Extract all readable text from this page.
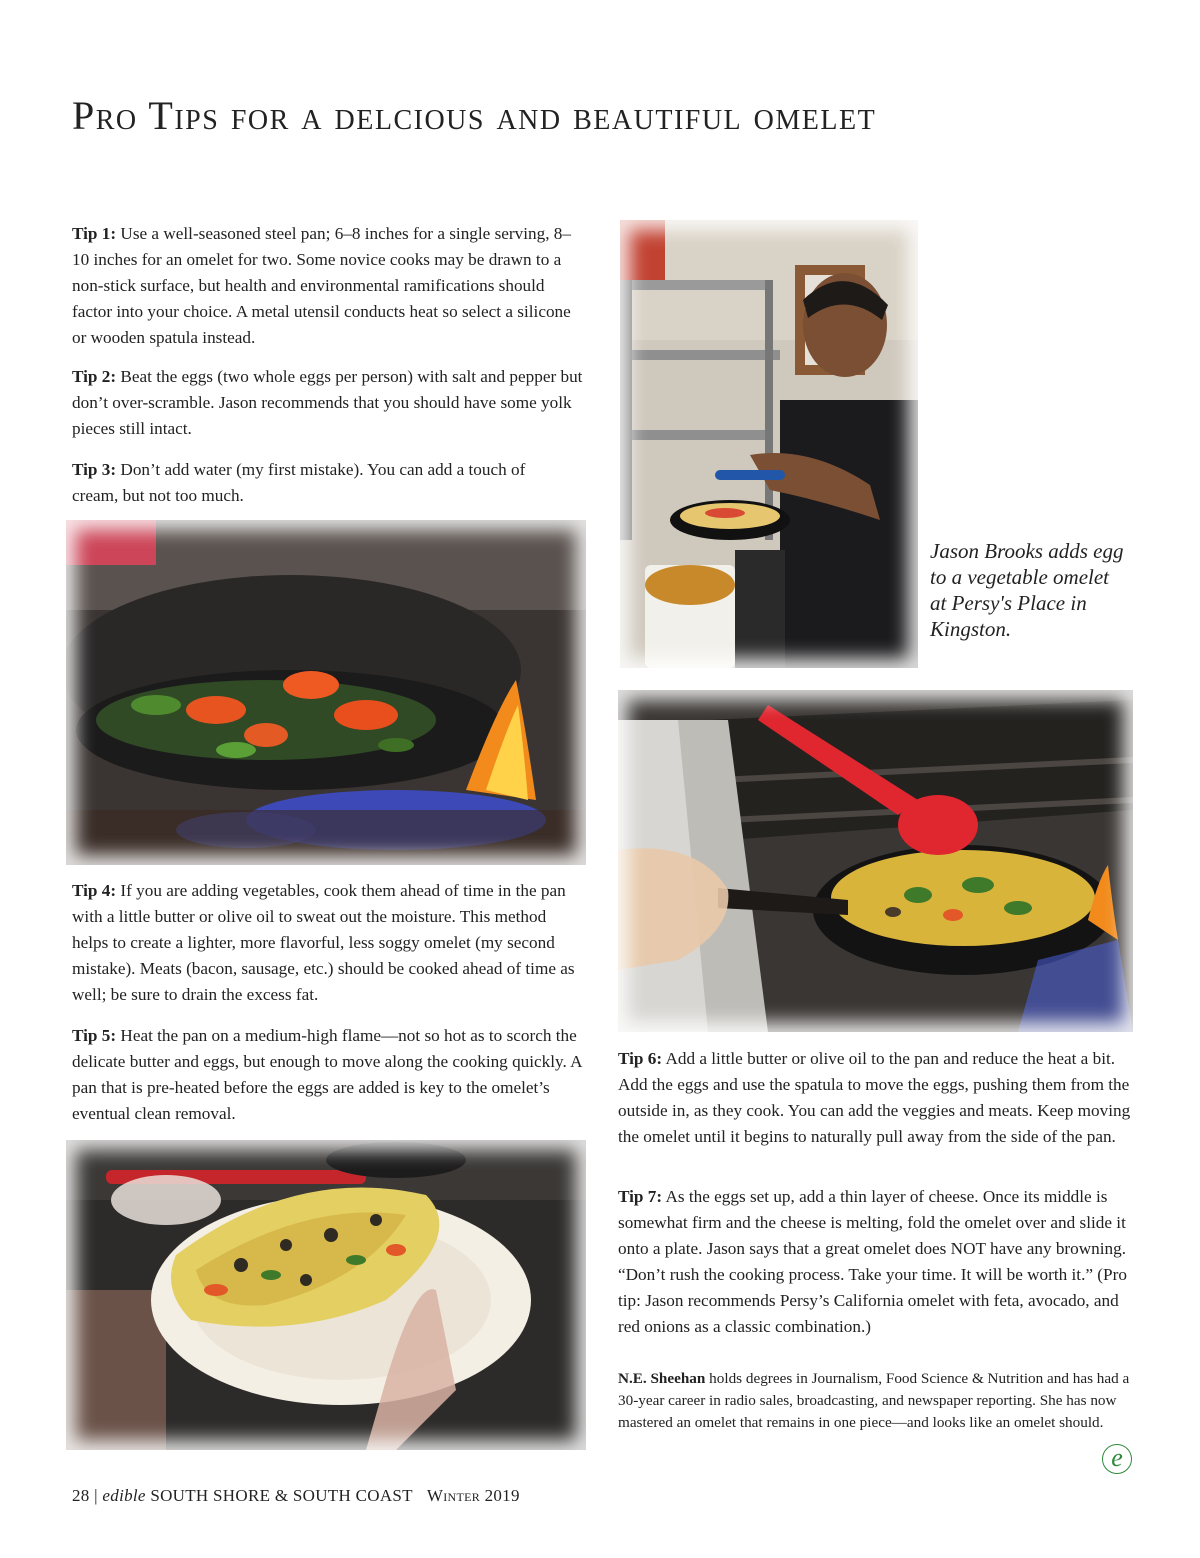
Pro Tips for a delcious and beautiful omelet

Tip 1: Use a well-seasoned steel pan; 6–8 inches for a single serving, 8–10 inches for an omelet for two. Some novice cooks may be drawn to a non-stick surface, but health and environmental ramifications should factor into your choice. A metal utensil conducts heat so select a silicone or wooden spatula instead.

Tip 2: Beat the eggs (two whole eggs per person) with salt and pepper but don’t over-scramble. Jason recommends that you should have some yolk pieces still intact.

Tip 3: Don’t add water (my first mistake). You can add a touch of cream, but not too much.

Tip 4: If you are adding vegetables, cook them ahead of time in the pan with a little butter or olive oil to sweat out the moisture. This method helps to create a lighter, more flavorful, less soggy omelet (my second mistake). Meats (bacon, sausage, etc.) should be cooked ahead of time as well; be sure to drain the excess fat.

Tip 5: Heat the pan on a medium-high flame—not so hot as to scorch the delicate butter and eggs, but enough to move along the cooking quickly. A pan that is pre-heated before the eggs are added is key to the omelet’s eventual clean removal.

Jason Brooks adds egg to a vegetable omelet at Persy's Place in Kingston.

Tip 6: Add a little butter or olive oil to the pan and reduce the heat a bit. Add the eggs and use the spatula to move the eggs, pushing them from the outside in, as they cook. You can add the veggies and meats. Keep moving the omelet until it begins to naturally pull away from the side of the pan.

Tip 7: As the eggs set up, add a thin layer of cheese. Once its middle is somewhat firm and the cheese is melting, fold the omelet over and slide it onto a plate. Jason says that a great omelet does NOT have any browning. “Don’t rush the cooking process. Take your time. It will be worth it.” (Pro tip: Jason recommends Persy’s California omelet with feta, avocado, and red onions as a classic combination.)

N.E. Sheehan holds degrees in Journalism, Food Science & Nutrition and has had a 30-year career in radio sales, broadcasting, and newspaper reporting. She has now mastered an omelet that remains in one piece—and looks like an omelet should.

e
28 | edible SOUTH SHORE & SOUTH COAST Winter 2019
